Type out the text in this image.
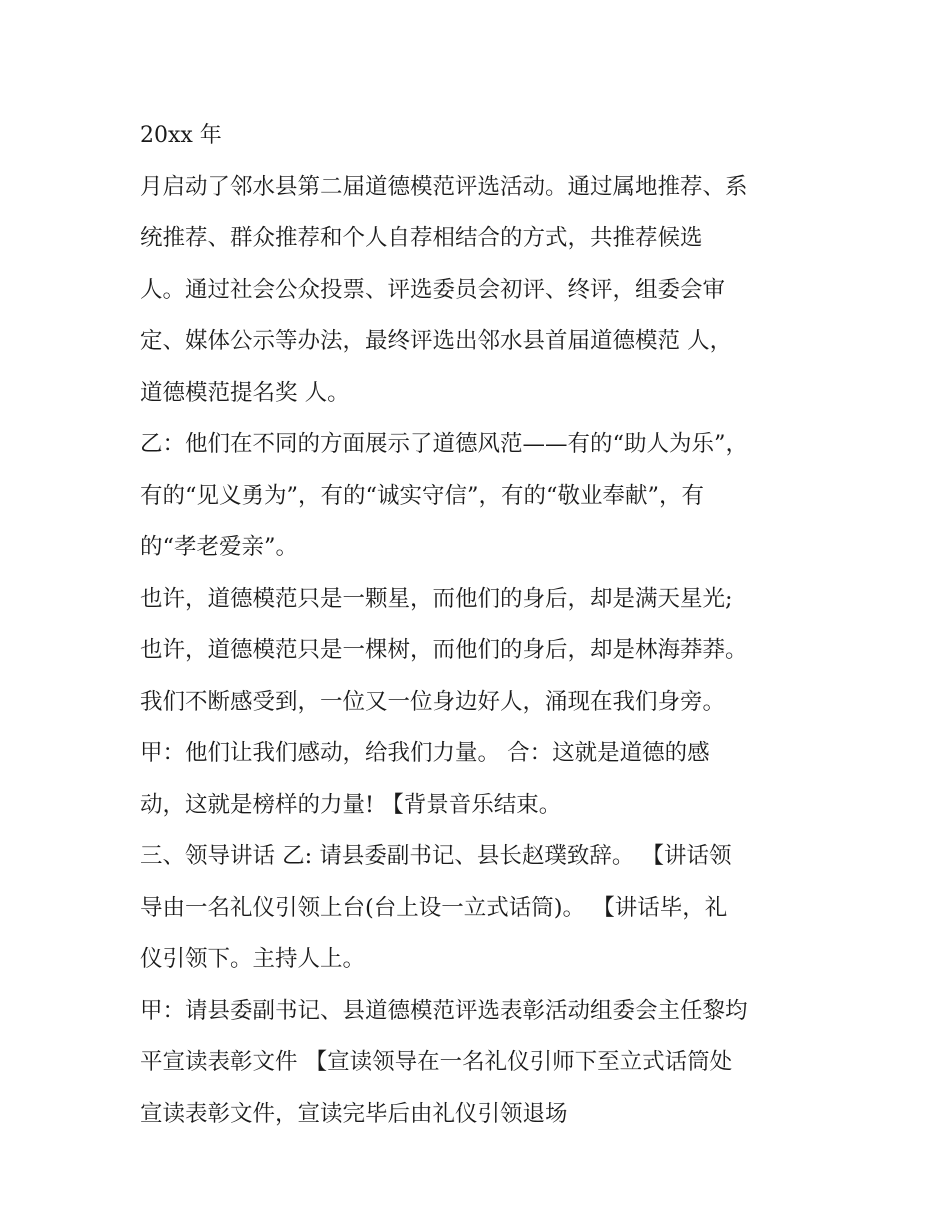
20xx 年
月启动了邻水县第二届道德模范评选活动。通过属地推荐、系
统推荐、群众推荐和个人自荐相结合的方式，共推荐候选
人。通过社会公众投票、评选委员会初评、终评，组委会审
定、媒体公示等办法，最终评选出邻水县首届道德模范 人，
道德模范提名奖 人。
乙：他们在不同的方面展示了道德风范——有的“助人为乐”，
有的“见义勇为”，有的“诚实守信”，有的“敬业奉献”，有
的“孝老爱亲”。
也许，道德模范只是一颗星，而他们的身后，却是满天星光;
也许，道德模范只是一棵树，而他们的身后，却是林海莽莽。
我们不断感受到，一位又一位身边好人，涌现在我们身旁。
甲：他们让我们感动，给我们力量。 合：这就是道德的感
动，这就是榜样的力量! 【背景音乐结束。
三、领导讲话 乙: 请县委副书记、县长赵璞致辞。 【讲话领
导由一名礼仪引领上台(台上设一立式话筒)。 【讲话毕，礼
仪引领下。主持人上。
甲：请县委副书记、县道德模范评选表彰活动组委会主任黎均
平宣读表彰文件 【宣读领导在一名礼仪引师下至立式话筒处
宣读表彰文件，宣读完毕后由礼仪引领退场
